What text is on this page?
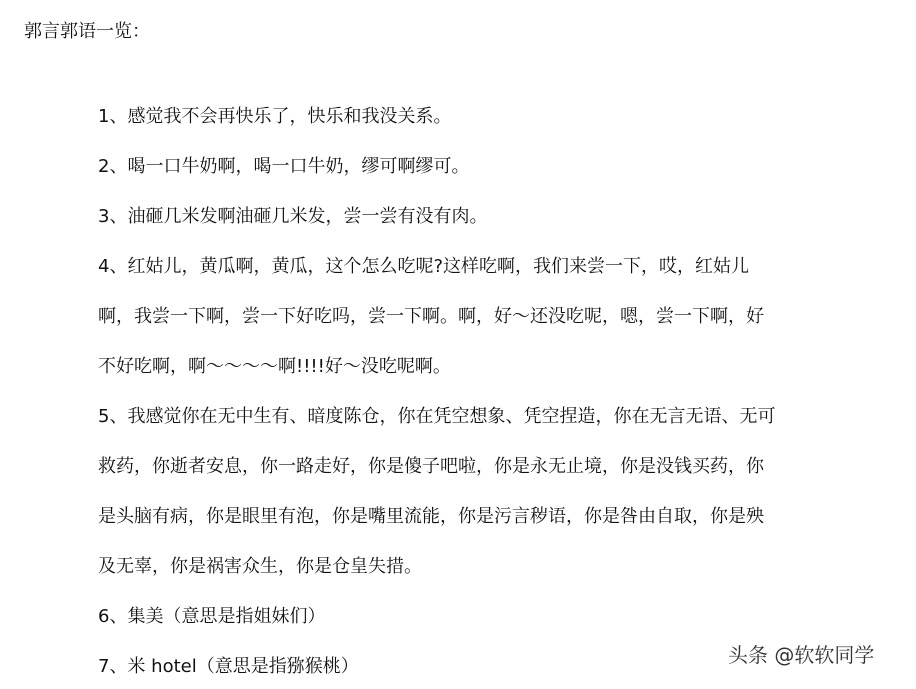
郭言郭语一览：

1、感觉我不会再快乐了，快乐和我没关系。

2、喝一口牛奶啊，喝一口牛奶，缪可啊缪可。

3、油砸几米发啊油砸几米发，尝一尝有没有肉。

4、红姑儿，黄瓜啊，黄瓜，这个怎么吃呢?这样吃啊，我们来尝一下，哎，红姑儿啊，我尝一下啊，尝一下好吃吗，尝一下啊。啊，好～还没吃呢，嗯，尝一下啊，好不好吃啊，啊～～～～啊!!!!好～没吃呢啊。

5、我感觉你在无中生有、暗度陈仓，你在凭空想象、凭空捏造，你在无言无语、无可救药，你逝者安息，你一路走好，你是傻子吧啦，你是永无止境，你是没钱买药，你是头脑有病，你是眼里有泡，你是嘴里流能，你是污言秽语，你是咎由自取，你是殃及无辜，你是祸害众生，你是仓皇失措。

6、集美（意思是指姐妹们）

7、米 hotel（意思是指猕猴桃）	头条 @软软同学
